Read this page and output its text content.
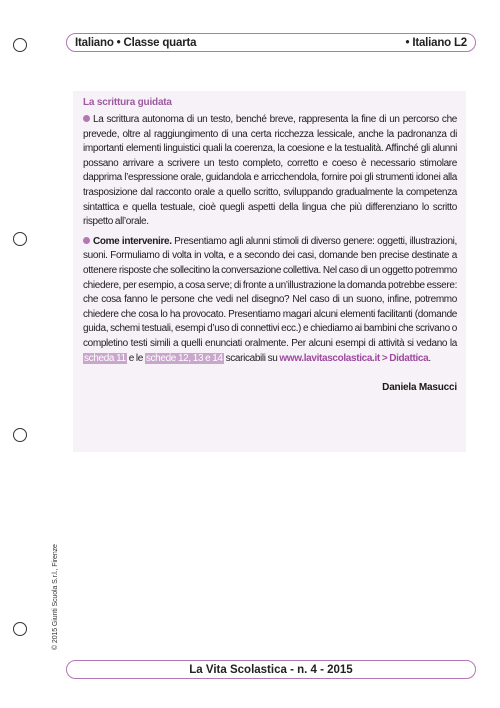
Italiano • Classe quarta	• Italiano L2
La scrittura guidata

La scrittura autonoma di un testo, benché breve, rappresenta la fine di un percorso che prevede, oltre al raggiungimento di una certa ricchezza lessicale, anche la padronanza di importanti elementi linguistici quali la coerenza, la coesione e la testualità. Affinché gli alunni possano arrivare a scrivere un testo completo, corretto e coeso è necessario stimolare dapprima l’espressione orale, guidandola e arricchendola, fornire poi gli strumenti idonei alla trasposizione dal racconto orale a quello scritto, sviluppando gradualmente la competenza sintattica e quella testuale, cioè quegli aspetti della lingua che più differenziano lo scritto rispetto all’orale.

Come intervenire. Presentiamo agli alunni stimoli di diverso genere: oggetti, illustrazioni, suoni. Formuliamo di volta in volta, e a secondo dei casi, domande ben precise destinate a ottenere risposte che sollecitino la conversazione collettiva. Nel caso di un oggetto potremmo chiedere, per esempio, a cosa serve; di fronte a un’illustrazione la domanda potrebbe essere: che cosa fanno le persone che vedi nel disegno? Nel caso di un suono, infine, potremmo chiedere che cosa lo ha provocato. Presentiamo magari alcuni elementi facilitanti (domande guida, schemi testuali, esempi d’uso di connettivi ecc.) e chiediamo ai bambini che scrivano o completino testi simili a quelli enunciati oralmente. Per alcuni esempi di attività si vedano la scheda 11 e le schede 12, 13 e 14 scaricabili su www.lavitascolastica.it > Didattica.

Daniela Masucci
© 2015 Giunti Scuola S.r.l., Firenze
La Vita Scolastica - n. 4 - 2015
